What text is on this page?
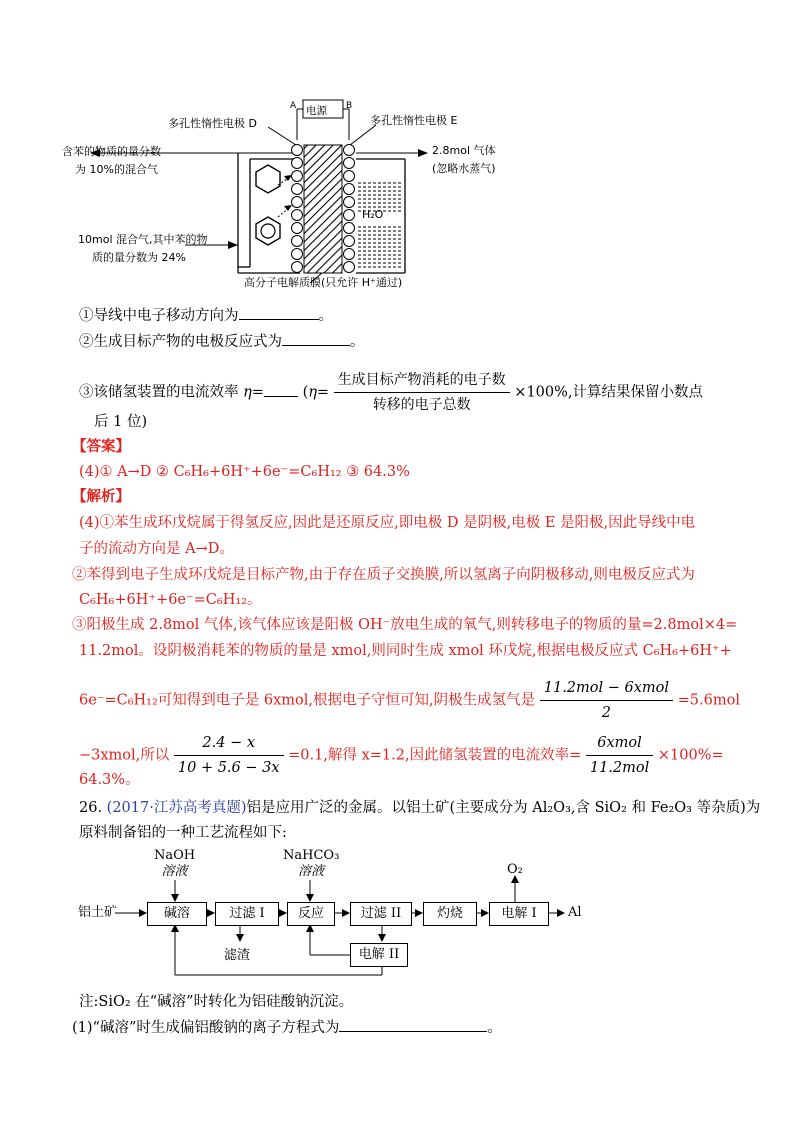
A	B
电源
多孔性惰性电极 D	多孔性惰性电极 E
含苯的物质的量分数
为 10%的混合气
2.8mol 气体
(忽略水蒸气)
H₂O
10mol 混合气,其中苯的物
质的量分数为 24%
高分子电解质膜(只允许 H⁺通过)
①导线中电子移动方向为	。
②生成目标产物的电极反应式为	。
③该储氢装置的电流效率 η=	($\eta= \frac{\text{生成目标产物消耗的电子数}}{\text{转移的电子总数}} \times 100\%$,计算结果保留小数点
后 1 位)
【答案】
(4)① A→D ② C₆H₆+6H⁺+6e⁻=C₆H₁₂ ③ 64.3%
【解析】
(4)①苯生成环戊烷属于得氢反应,因此是还原反应,即电极 D 是阴极,电极 E 是阳极,因此导线中电
子的流动方向是 A→D。
②苯得到电子生成环戊烷是目标产物,由于存在质子交换膜,所以氢离子向阴极移动,则电极反应式为
C₆H₆+6H⁺+6e⁻=C₆H₁₂。
③阳极生成 2.8mol 气体,该气体应该是阳极 OH⁻放电生成的氧气,则转移电子的物质的量=2.8mol×4=
11.2mol。设阴极消耗苯的物质的量是 xmol,则同时生成 xmol 环戊烷,根据电极反应式 C₆H₆+6H⁺+
6e⁻=C₆H₁₂可知得到电子是 6xmol,根据电子守恒可知,阴极生成氢气是 $\frac{\text{11.2mol − 6xmol}}{2} =5.6mol$
−3xmol,所以 $\frac{2.4 - x}{10 + 5.6 - 3x} =0.1$,解得 x=1.2,因此储氢装置的电流效率= $\frac{\text{6xmol}}{\text{11.2mol}} \times 100\%=$
64.3%。
26. (2017·江苏高考真题)铝是应用广泛的金属。以铝土矿(主要成分为 Al₂O₃,含 SiO₂ 和 Fe₂O₃ 等杂质)为
原料制备铝的一种工艺流程如下:
NaOH
溶液
NaHCO₃
溶液
铝土矿	碱溶	过滤 I	反应	过滤 II	灼烧	电解 I
电解 II
滤渣
O₂
Al
注:SiO₂ 在“碱溶”时转化为铝硅酸钠沉淀。
(1)“碱溶”时生成偏铝酸钠的离子方程式为	。
